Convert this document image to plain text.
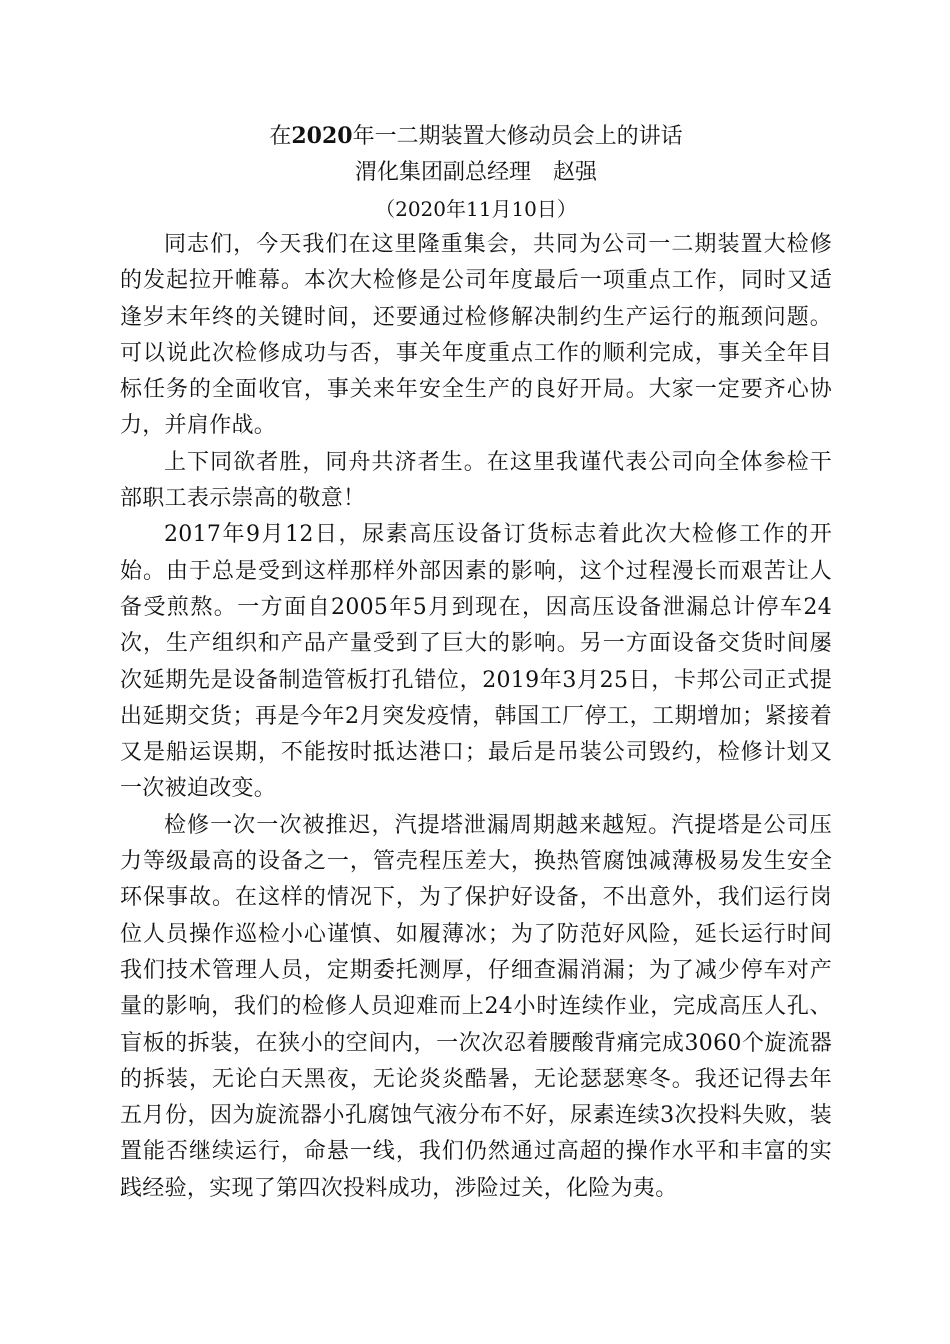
在2020年一二期装置大修动员会上的讲话

渭化集团副总经理 赵强

（2020年11月10日）

同志们，今天我们在这里隆重集会，共同为公司一二期装置大检修的发起拉开帷幕。本次大检修是公司年度最后一项重点工作，同时又适逢岁末年终的关键时间，还要通过检修解决制约生产运行的瓶颈问题。可以说此次检修成功与否，事关年度重点工作的顺利完成，事关全年目标任务的全面收官，事关来年安全生产的良好开局。大家一定要齐心协力，并肩作战。

上下同欲者胜，同舟共济者生。在这里我谨代表公司向全体参检干部职工表示崇高的敬意！

2017年9月12日，尿素高压设备订货标志着此次大检修工作的开始。由于总是受到这样那样外部因素的影响，这个过程漫长而艰苦让人备受煎熬。一方面自2005年5月到现在，因高压设备泄漏总计停车24次，生产组织和产品产量受到了巨大的影响。另一方面设备交货时间屡次延期先是设备制造管板打孔错位，2019年3月25日，卡邦公司正式提出延期交货；再是今年2月突发疫情，韩国工厂停工，工期增加；紧接着又是船运误期，不能按时抵达港口；最后是吊装公司毁约，检修计划又一次被迫改变。

检修一次一次被推迟，汽提塔泄漏周期越来越短。汽提塔是公司压力等级最高的设备之一，管壳程压差大，换热管腐蚀减薄极易发生安全环保事故。在这样的情况下，为了保护好设备，不出意外，我们运行岗位人员操作巡检小心谨慎、如履薄冰；为了防范好风险，延长运行时间我们技术管理人员，定期委托测厚，仔细查漏消漏；为了减少停车对产量的影响，我们的检修人员迎难而上24小时连续作业，完成高压人孔、盲板的拆装，在狭小的空间内，一次次忍着腰酸背痛完成3060个旋流器的拆装，无论白天黑夜，无论炎炎酷暑，无论瑟瑟寒冬。我还记得去年五月份，因为旋流器小孔腐蚀气液分布不好，尿素连续3次投料失败，装置能否继续运行，命悬一线，我们仍然通过高超的操作水平和丰富的实践经验，实现了第四次投料成功，涉险过关，化险为夷。
